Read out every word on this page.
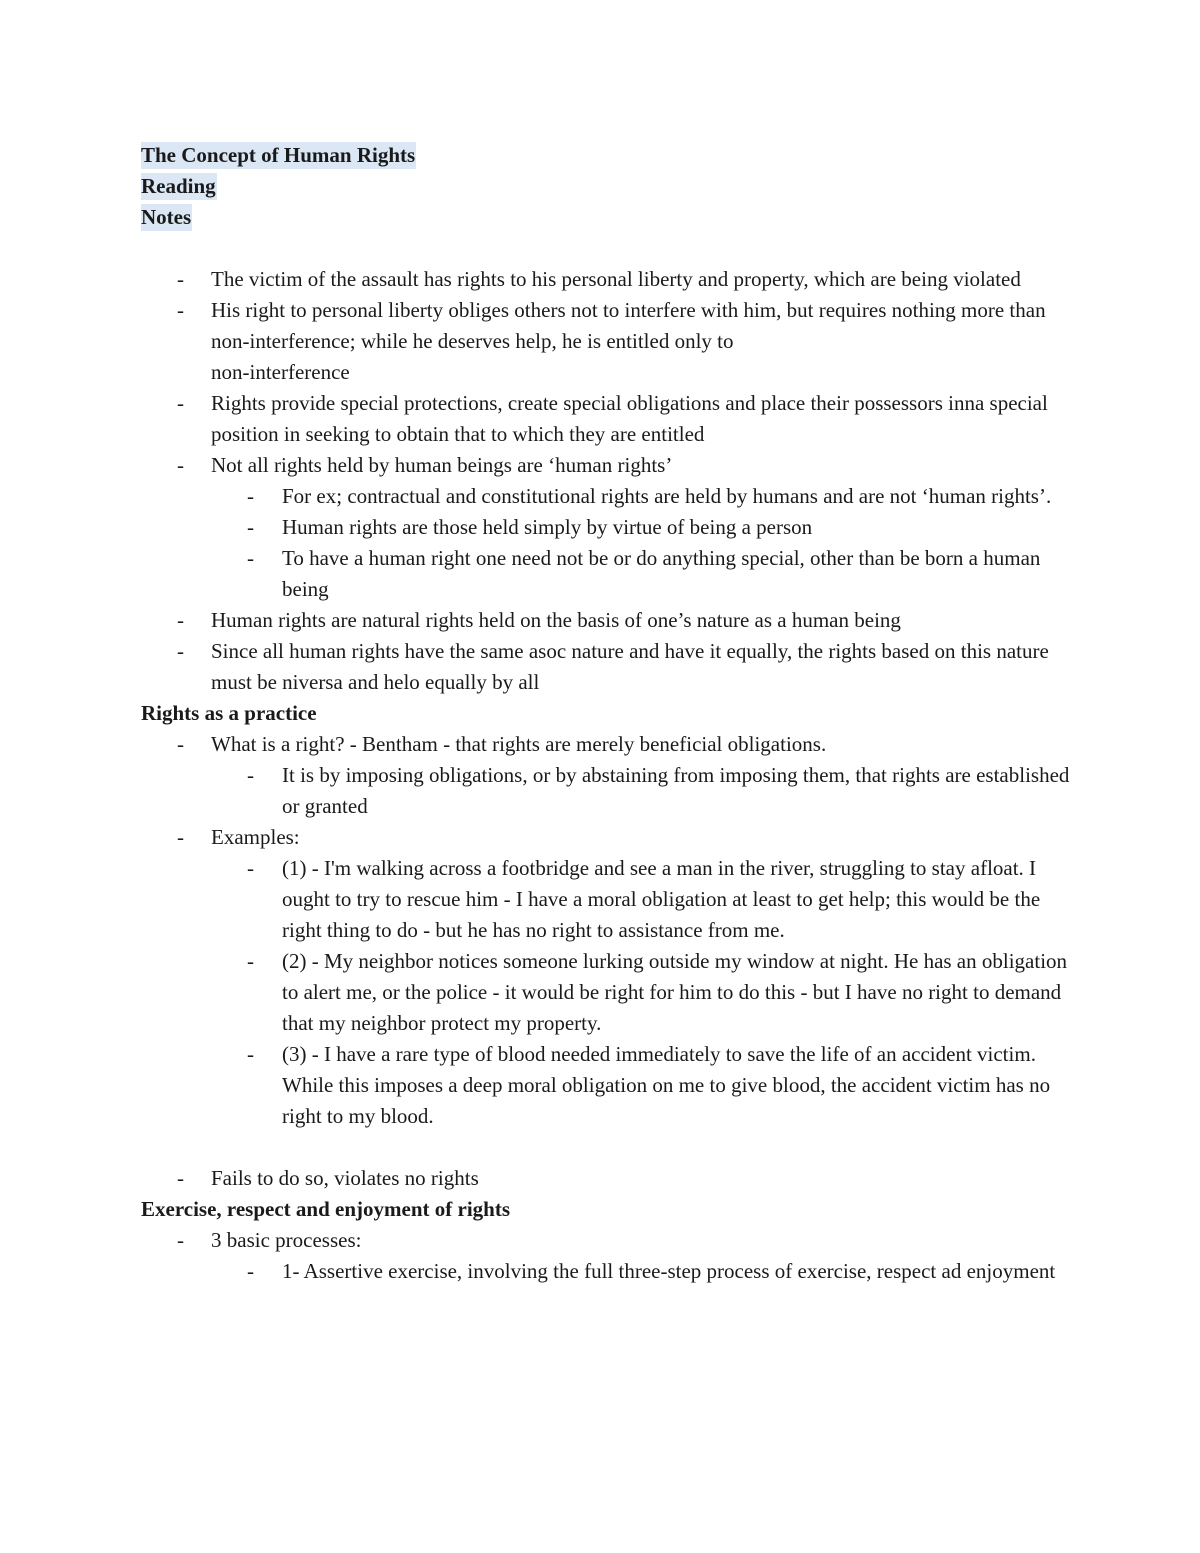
The Concept of Human Rights
Reading
Notes
- The victim of the assault has rights to his personal liberty and property, which are being violated
- His right to personal liberty obliges others not to interfere with him, but requires nothing more than non-interference; while he deserves help, he is entitled only to
non-interference
- Rights provide special protections, create special obligations and place their possessors inna special position in seeking to obtain that to which they are entitled
- Not all rights held by human beings are ‘human rights’
- For ex; contractual and constitutional rights are held by humans and are not ‘human rights’.
- Human rights are those held simply by virtue of being a person
- To have a human right one need not be or do anything special, other than be born a human being
- Human rights are natural rights held on the basis of one’s nature as a human being
- Since all human rights have the same asoc nature and have it equally, the rights based on this nature must be niversa and helo equally by all
Rights as a practice
- What is a right? - Bentham - that rights are merely beneficial obligations.
- It is by imposing obligations, or by abstaining from imposing them, that rights are established or granted
- Examples:
- (1) - I'm walking across a footbridge and see a man in the river, struggling to stay afloat. I ought to try to rescue him - I have a moral obligation at least to get help; this would be the right thing to do - but he has no right to assistance from me.
- (2) - My neighbor notices someone lurking outside my window at night. He has an obligation to alert me, or the police - it would be right for him to do this - but I have no right to demand that my neighbor protect my property.
- (3) - I have a rare type of blood needed immediately to save the life of an accident victim. While this imposes a deep moral obligation on me to give blood, the accident victim has no right to my blood.
- Fails to do so, violates no rights
Exercise, respect and enjoyment of rights
- 3 basic processes:
- 1- Assertive exercise, involving the full three-step process of exercise, respect ad enjoyment
